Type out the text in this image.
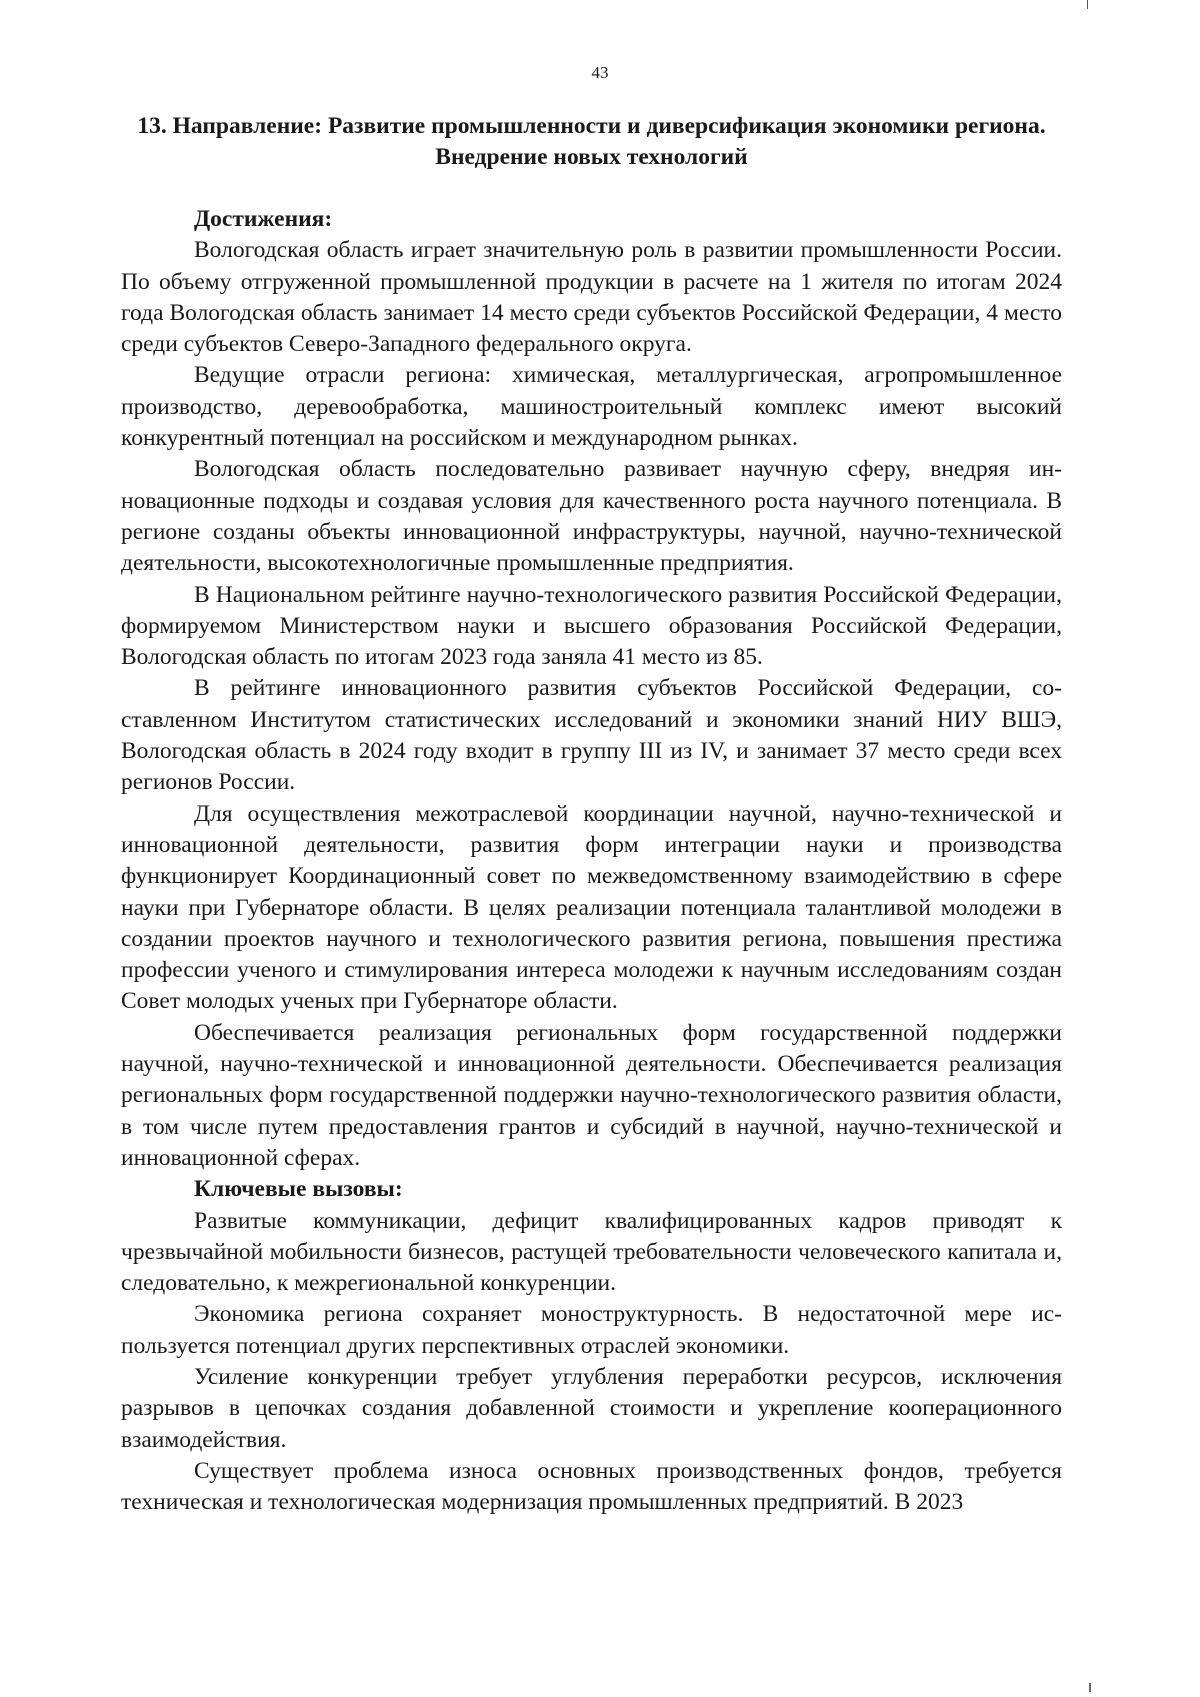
43
13. Направление: Развитие промышленности и диверсификация экономики региона. Внедрение новых технологий
Достижения:

Вологодская область играет значительную роль в развитии промышленности России. По объему отгруженной промышленной продукции в расчете на 1 жителя по итогам 2024 года Вологодская область занимает 14 место среди субъектов Российской Федерации, 4 место среди субъектов Северо-Западного федерального округа.

Ведущие отрасли региона: химическая, металлургическая, агропромышленное производство, деревообработка, машиностроительный комплекс имеют высокий конкурентный потенциал на российском и международном рынках.

Вологодская область последовательно развивает научную сферу, внедряя инновационные подходы и создавая условия для качественного роста научного потенциала. В регионе созданы объекты инновационной инфраструктуры, научной, научно-технической деятельности, высокотехнологичные промышленные предприятия.

В Национальном рейтинге научно-технологического развития Российской Федерации, формируемом Министерством науки и высшего образования Российской Федерации, Вологодская область по итогам 2023 года заняла 41 место из 85.

В рейтинге инновационного развития субъектов Российской Федерации, составленном Институтом статистических исследований и экономики знаний НИУ ВШЭ, Вологодская область в 2024 году входит в группу III из IV, и занимает 37 место среди всех регионов России.

Для осуществления межотраслевой координации научной, научно-технической и инновационной деятельности, развития форм интеграции науки и производства функционирует Координационный совет по межведомственному взаимодействию в сфере науки при Губернаторе области. В целях реализации потенциала талантливой молодежи в создании проектов научного и технологического развития региона, повышения престижа профессии ученого и стимулирования интереса молодежи к научным исследованиям создан Совет молодых ученых при Губернаторе области.

Обеспечивается реализация региональных форм государственной поддержки научной, научно-технической и инновационной деятельности. Обеспечивается реализация региональных форм государственной поддержки научно-технологического развития области, в том числе путем предоставления грантов и субсидий в научной, научно-технической и инновационной сферах.

Ключевые вызовы:

Развитые коммуникации, дефицит квалифицированных кадров приводят к чрезвычайной мобильности бизнесов, растущей требовательности человеческого капитала и, следовательно, к межрегиональной конкуренции.

Экономика региона сохраняет моноструктурность. В недостаточной мере используется потенциал других перспективных отраслей экономики.

Усиление конкуренции требует углубления переработки ресурсов, исключения разрывов в цепочках создания добавленной стоимости и укрепление кооперационного взаимодействия.

Существует проблема износа основных производственных фондов, требуется техническая и технологическая модернизация промышленных предприятий. В 2023
